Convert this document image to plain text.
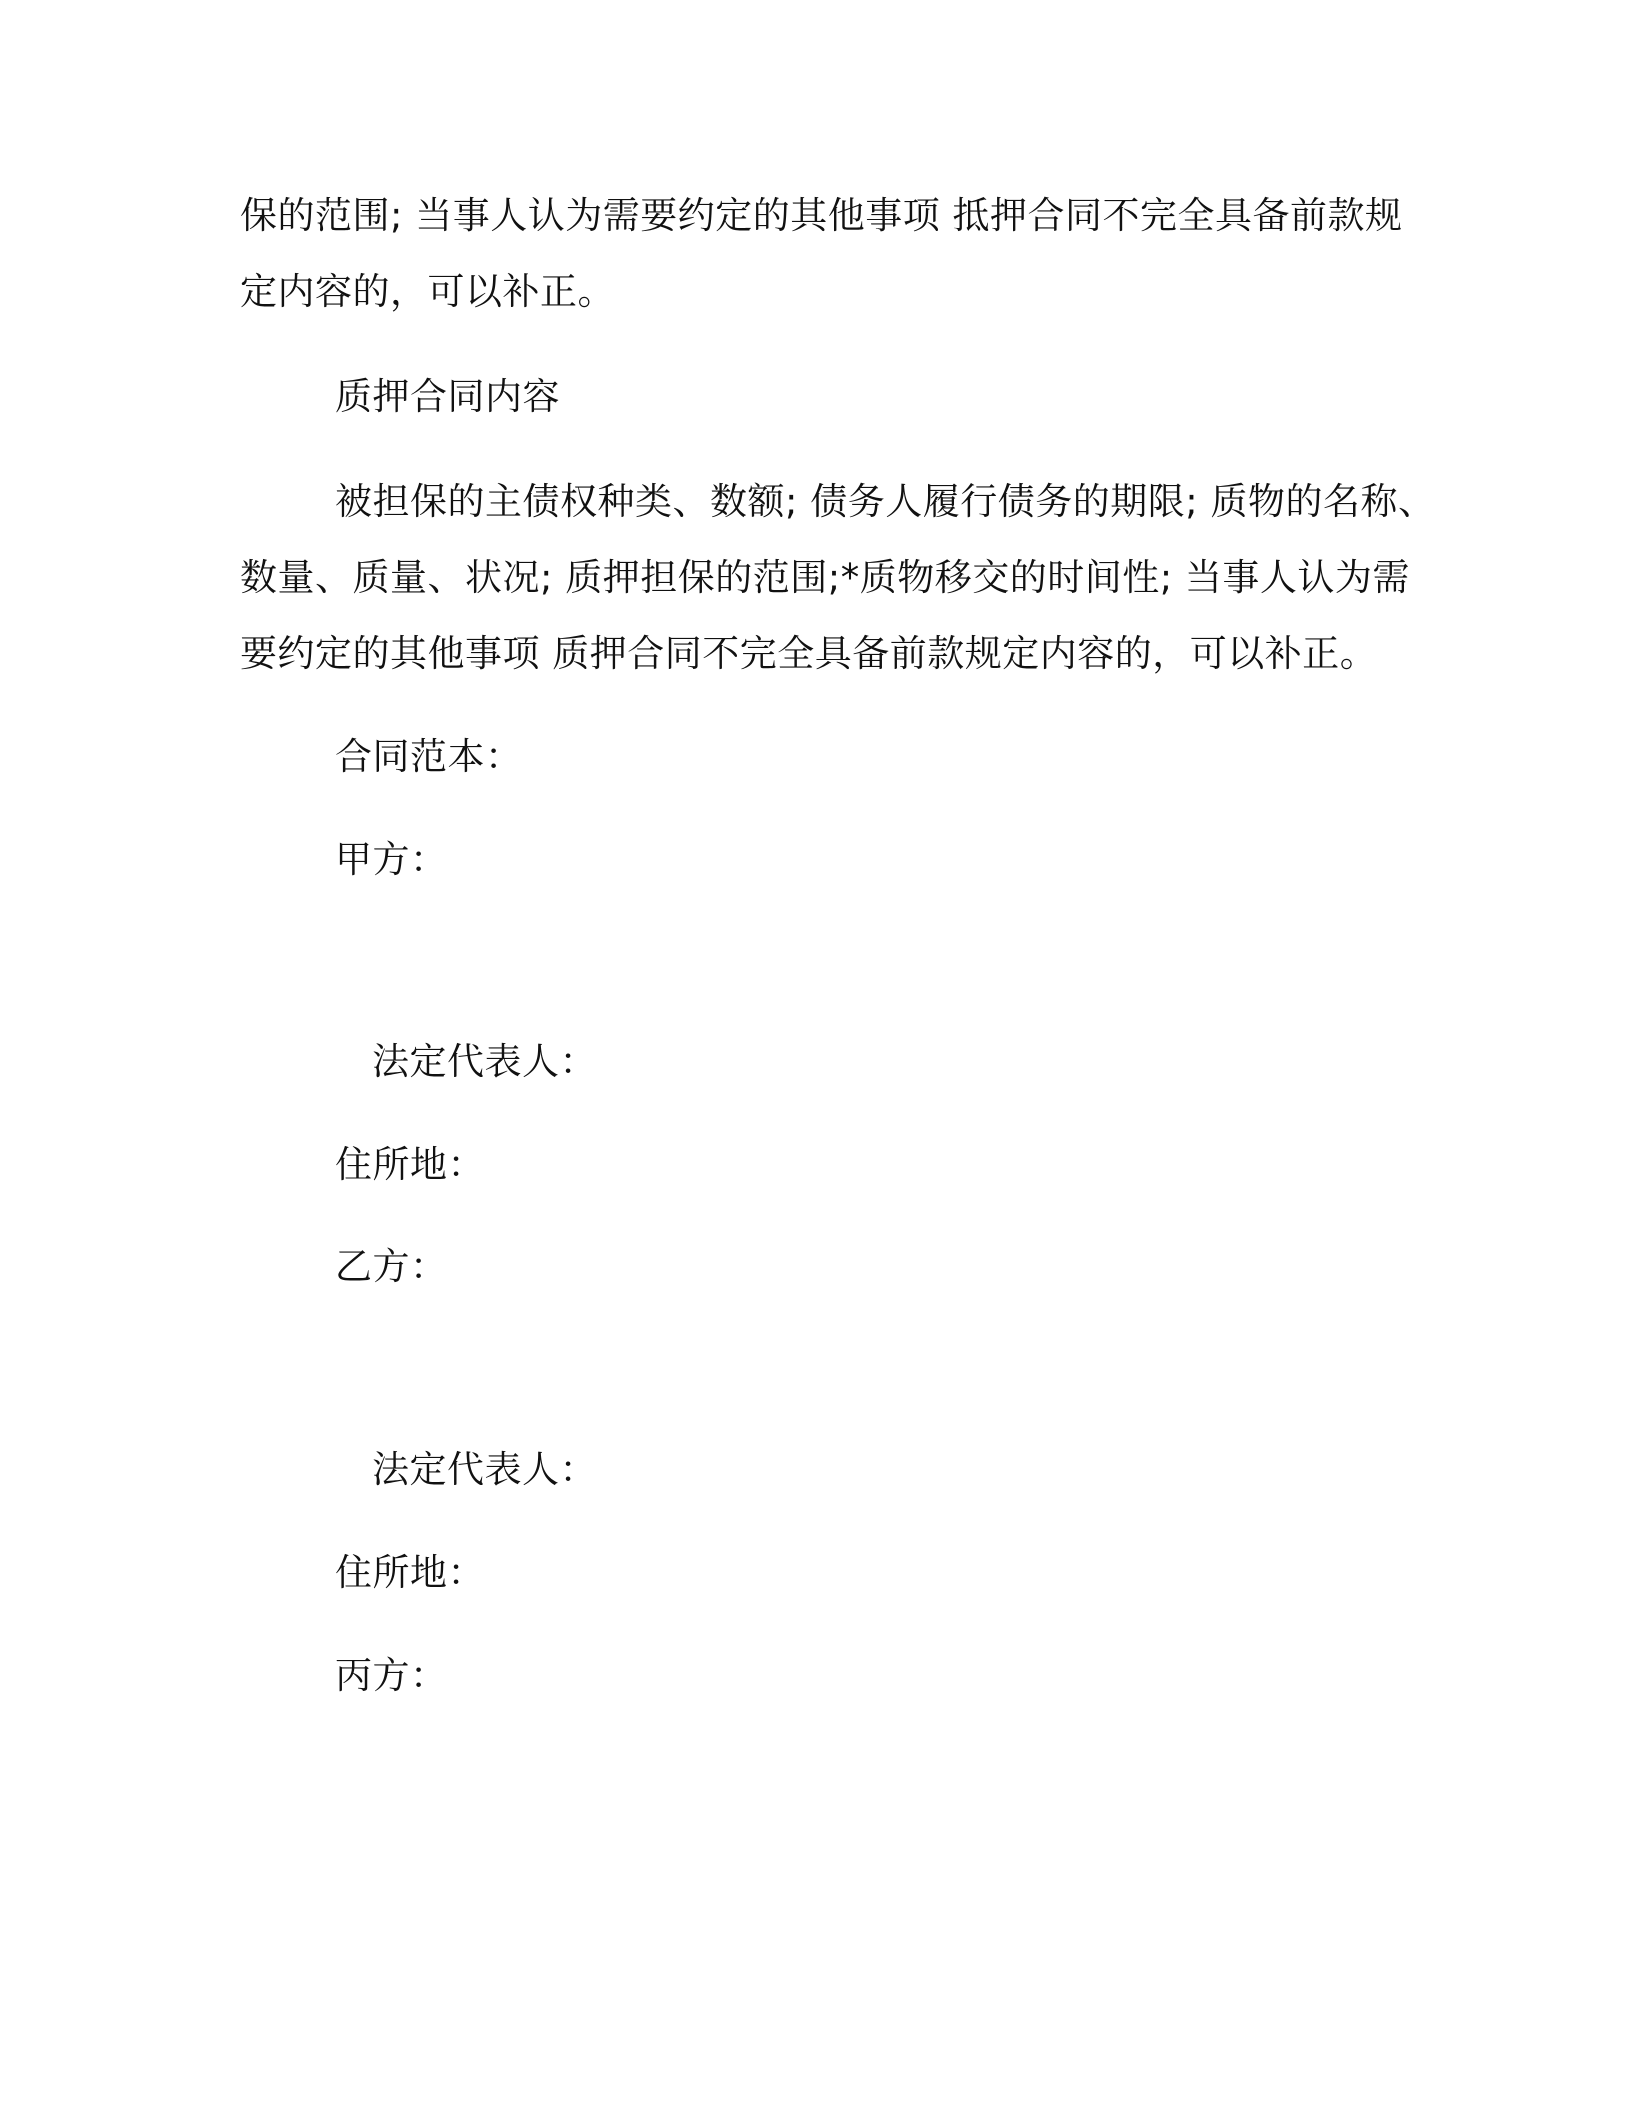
保的范围; 当事人认为需要约定的其他事项 抵押合同不完全具备前款规
定内容的，可以补正。
质押合同内容
被担保的主债权种类、数额; 债务人履行债务的期限; 质物的名称、
数量、质量、状况; 质押担保的范围;*质物移交的时间性; 当事人认为需
要约定的其他事项 质押合同不完全具备前款规定内容的，可以补正。
合同范本：
甲方：
法定代表人：
住所地：
乙方：
法定代表人：
住所地：
丙方：
